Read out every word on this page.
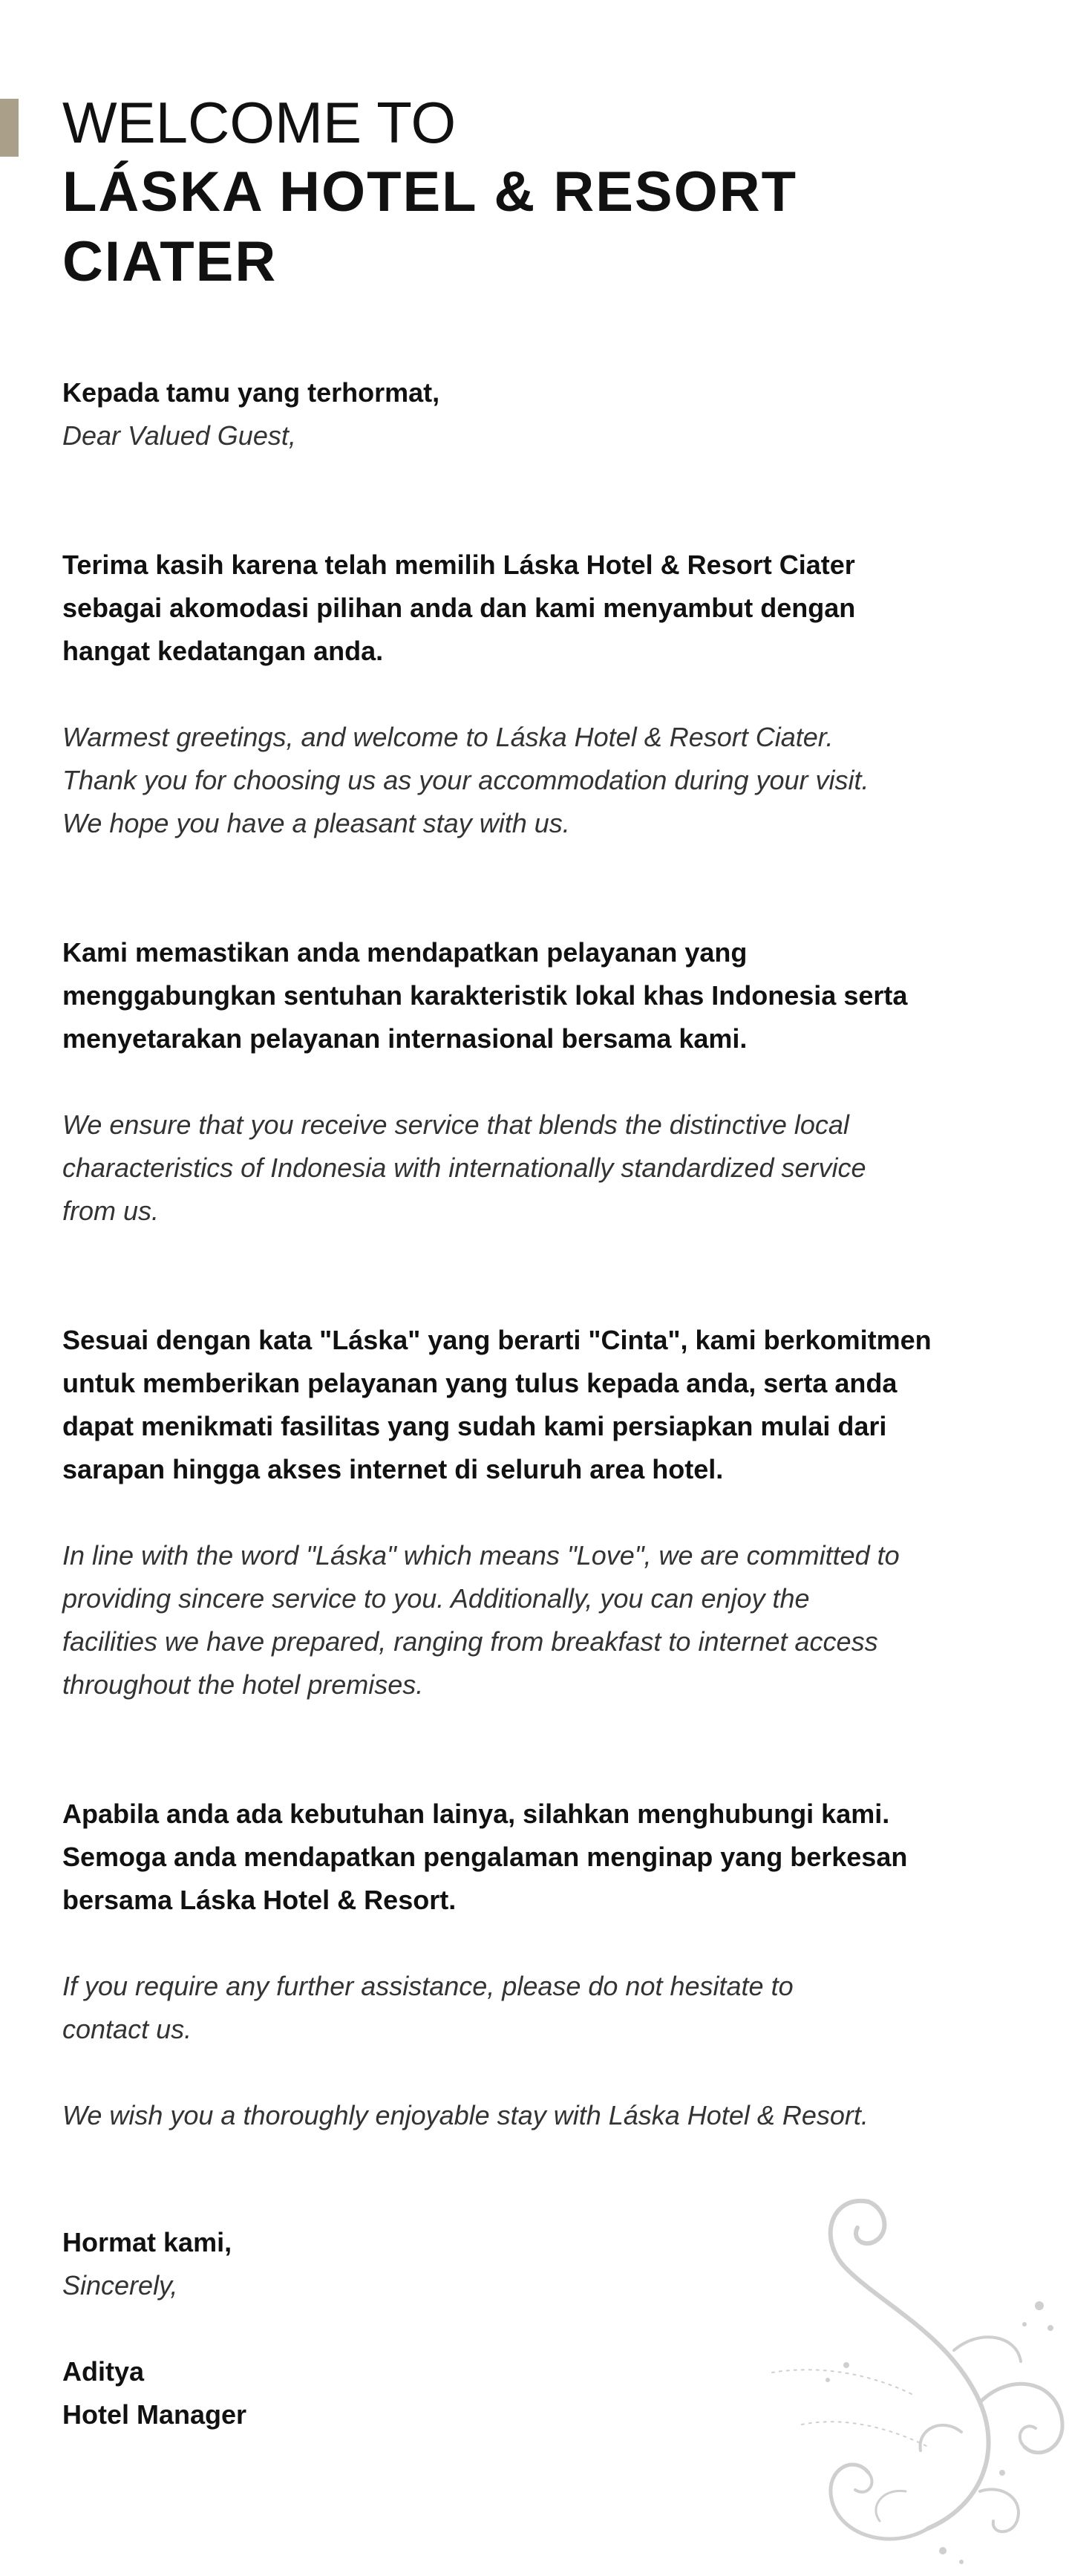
WELCOME TO
LÁSKA HOTEL & RESORT
CIATER

Kepada tamu yang terhormat,

Dear Valued Guest,

Terima kasih karena telah memilih Láska Hotel & Resort Ciater

sebagai akomodasi pilihan anda dan kami menyambut dengan

hangat kedatangan anda.

Warmest greetings, and welcome to Láska Hotel & Resort Ciater.

Thank you for choosing us as your accommodation during your visit.

We hope you have a pleasant stay with us.

Kami memastikan anda mendapatkan pelayanan yang

menggabungkan sentuhan karakteristik lokal khas Indonesia serta

menyetarakan pelayanan internasional bersama kami.

We ensure that you receive service that blends the distinctive local

characteristics of Indonesia with internationally standardized service

from us.

Sesuai dengan kata "Láska" yang berarti "Cinta", kami berkomitmen

untuk memberikan pelayanan yang tulus kepada anda, serta anda

dapat menikmati fasilitas yang sudah kami persiapkan mulai dari

sarapan hingga akses internet di seluruh area hotel.

In line with the word "Láska" which means "Love", we are committed to

providing sincere service to you. Additionally, you can enjoy the

facilities we have prepared, ranging from breakfast to internet access

throughout the hotel premises.

Apabila anda ada kebutuhan lainya, silahkan menghubungi kami.

Semoga anda mendapatkan pengalaman menginap yang berkesan

bersama Láska Hotel & Resort.

If you require any further assistance, please do not hesitate to

contact us.

We wish you a thoroughly enjoyable stay with Láska Hotel & Resort.

Hormat kami,

Sincerely,

Aditya

Hotel Manager
